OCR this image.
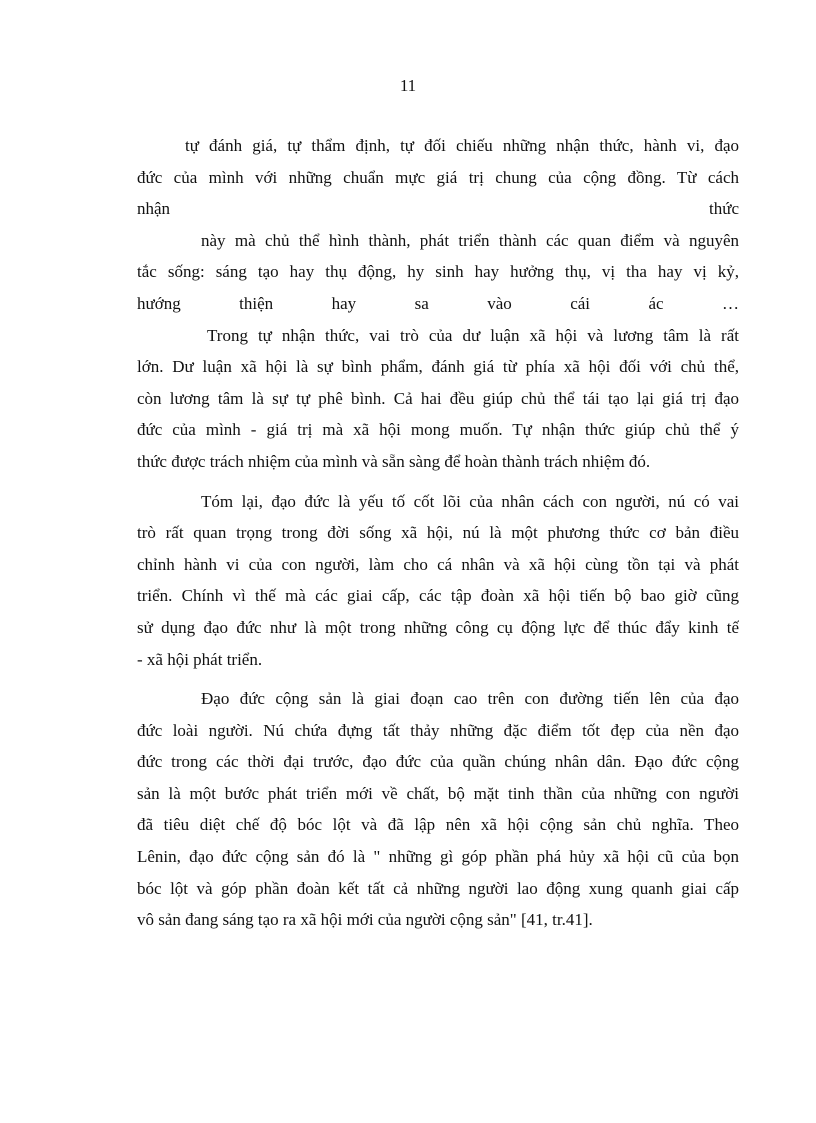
11
tự đánh giá, tự thẩm định, tự đối chiếu những nhận thức, hành vi, đạo
đức của mình với những chuẩn mực giá trị chung của cộng đồng. Từ cách
nhận thức
này mà chủ thể hình thành, phát triển thành các quan điểm và nguyên
tắc sống: sáng tạo hay thụ động, hy sinh hay hưởng thụ, vị tha hay vị kỷ,
hướng thiện hay sa vào cái ác …
Trong tự nhận thức, vai trò của dư luận xã hội và lương tâm là rất
lớn. Dư luận xã hội là sự bình phẩm, đánh giá từ phía xã hội đối với chủ thể,
còn lương tâm là sự tự phê bình. Cả hai đều giúp chủ thể tái tạo lại giá trị đạo
đức của mình - giá trị mà xã hội mong muốn. Tự nhận thức giúp chủ thể ý
thức được trách nhiệm của mình và sẵn sàng để hoàn thành trách nhiệm đó.
Tóm lại, đạo đức là yếu tố cốt lõi của nhân cách con người, nú có vai
trò rất quan trọng trong đời sống xã hội, nú là một phương thức cơ bản điều
chỉnh hành vi của con người, làm cho cá nhân và xã hội cùng tồn tại và phát
triển. Chính vì thế mà các giai cấp, các tập đoàn xã hội tiến bộ bao giờ cũng
sử dụng đạo đức như là một trong những công cụ động lực để thúc đẩy kinh tế
- xã hội phát triển.
Đạo đức cộng sản là giai đoạn cao trên con đường tiến lên của đạo
đức loài người. Nú chứa đựng tất thảy những đặc điểm tốt đẹp của nền đạo
đức trong các thời đại trước, đạo đức của quần chúng nhân dân. Đạo đức cộng
sản là một bước phát triển mới về chất, bộ mặt tinh thần của những con người
đã tiêu diệt chế độ bóc lột và đã lập nên xã hội cộng sản chủ nghĩa. Theo
Lênin, đạo đức cộng sản đó là " những gì góp phần phá hủy xã hội cũ của bọn
bóc lột và góp phần đoàn kết tất cả những người lao động xung quanh giai cấp
vô sản đang sáng tạo ra xã hội mới của người cộng sản" [41, tr.41].
